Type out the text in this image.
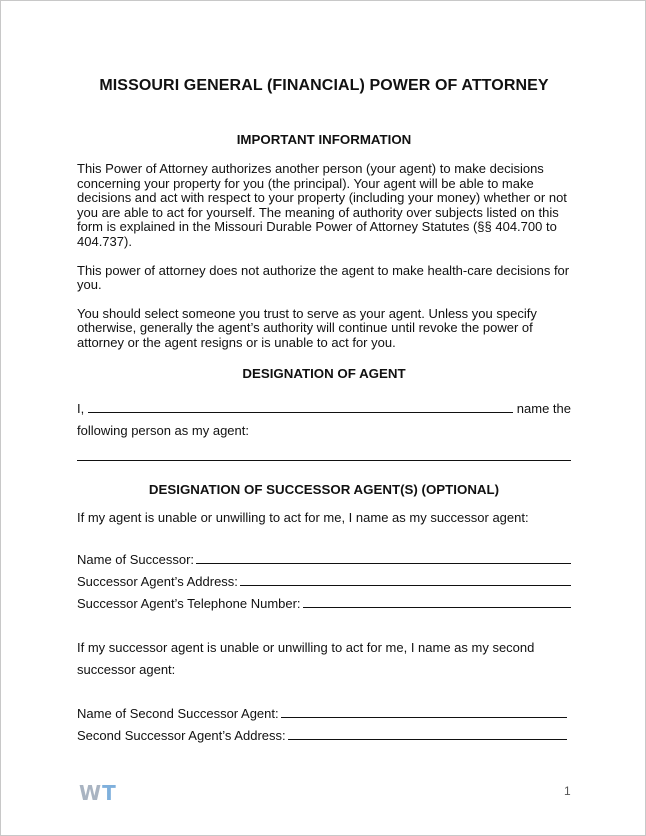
MISSOURI GENERAL (FINANCIAL) POWER OF ATTORNEY

IMPORTANT INFORMATION

This Power of Attorney authorizes another person (your agent) to make decisions concerning your property for you (the principal). Your agent will be able to make decisions and act with respect to your property (including your money) whether or not you are able to act for yourself. The meaning of authority over subjects listed on this form is explained in the Missouri Durable Power of Attorney Statutes (§§ 404.700 to 404.737).

This power of attorney does not authorize the agent to make health-care decisions for you.

You should select someone you trust to serve as your agent. Unless you specify otherwise, generally the agent’s authority will continue until revoke the power of attorney or the agent resigns or is unable to act for you.

DESIGNATION OF AGENT

I,	name the

following person as my agent:

DESIGNATION OF SUCCESSOR AGENT(S) (OPTIONAL)

If my agent is unable or unwilling to act for me, I name as my successor agent:

Name of Successor:
Successor Agent’s Address:
Successor Agent’s Telephone Number:

If my successor agent is unable or unwilling to act for me, I name as my second

successor agent:

Name of Second Successor Agent:
Second Successor Agent’s Address:
WT	1
